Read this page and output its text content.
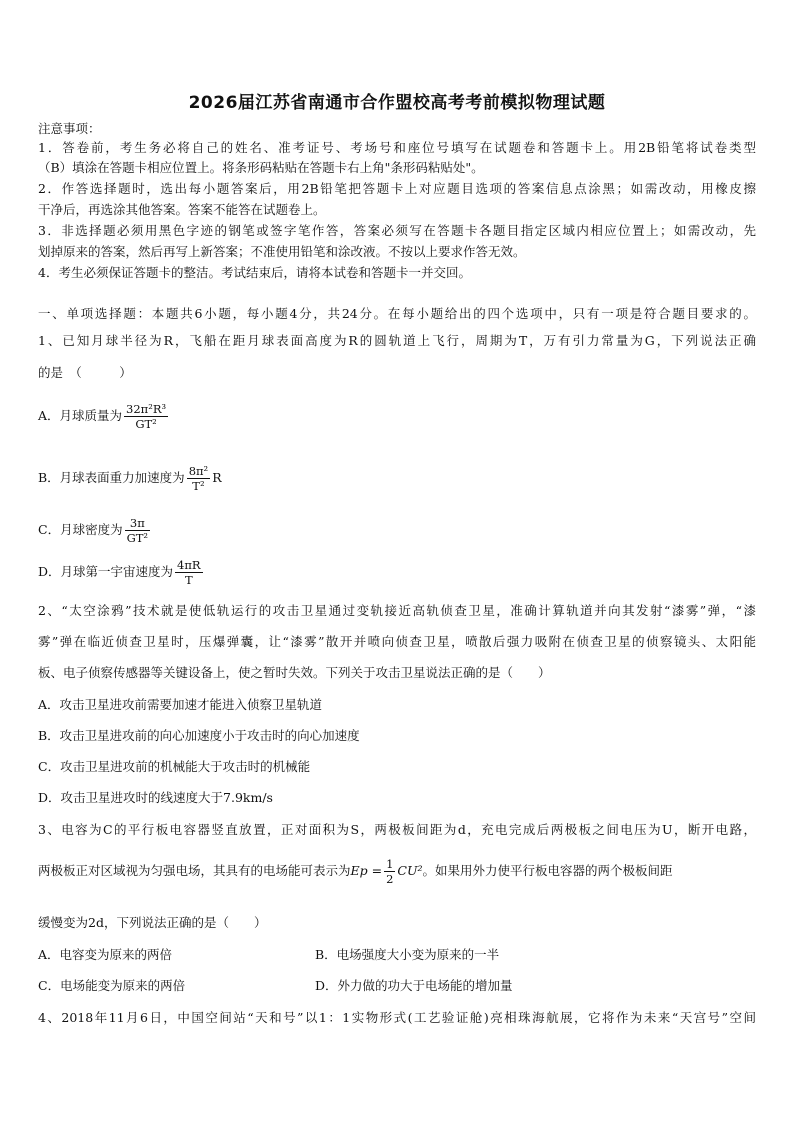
2026届江苏省南通市合作盟校高考考前模拟物理试题
注意事项：
1．答卷前，考生务必将自己的姓名、准考证号、考场号和座位号填写在试题卷和答题卡上。用2B铅笔将试卷类型
（B）填涂在答题卡相应位置上。将条形码粘贴在答题卡右上角"条形码粘贴处"。
2．作答选择题时，选出每小题答案后，用2B铅笔把答题卡上对应题目选项的答案信息点涂黑；如需改动，用橡皮擦
干净后，再选涂其他答案。答案不能答在试题卷上。
3．非选择题必须用黑色字迹的钢笔或签字笔作答，答案必须写在答题卡各题目指定区域内相应位置上；如需改动，先
划掉原来的答案，然后再写上新答案；不准使用铅笔和涂改液。不按以上要求作答无效。
4．考生必须保证答题卡的整洁。考试结束后，请将本试卷和答题卡一并交回。
一、单项选择题：本题共6小题，每小题4分，共24分。在每小题给出的四个选项中，只有一项是符合题目要求的。
1、已知月球半径为R，飞船在距月球表面高度为R的圆轨道上飞行，周期为T，万有引力常量为G，下列说法正确
的是　（　　　）
A．月球质量为 $\frac{\text{32π²R³}}{\text{GT²}}$
B．月球表面重力加速度为 $\frac{\text{8π²}}{\text{T²}}$ R
C．月球密度为 $\frac{3\pi}{\text{GT²}}$
D．月球第一宇宙速度为 $\frac{4\pi R}{T}$
2、“太空涂鸦”技术就是使低轨运行的攻击卫星通过变轨接近高轨侦查卫星，准确计算轨道并向其发射“漆雾”弹，“漆
雾”弹在临近侦查卫星时，压爆弹囊，让“漆雾”散开并喷向侦查卫星，喷散后强力吸附在侦查卫星的侦察镜头、太阳能
板、电子侦察传感器等关键设备上，使之暂时失效。下列关于攻击卫星说法正确的是（　　）
A．攻击卫星进攻前需要加速才能进入侦察卫星轨道
B．攻击卫星进攻前的向心加速度小于攻击时的向心加速度
C．攻击卫星进攻前的机械能大于攻击时的机械能
D．攻击卫星进攻时的线速度大于7.9km/s
3、电容为C的平行板电容器竖直放置，正对面积为S，两极板间距为d，充电完成后两极板之间电压为U，断开电路，
两极板正对区域视为匀强电场，其具有的电场能可表示为$Ep = \frac{1}{2} CU^2$。如果用外力使平行板电容器的两个极板间距
缓慢变为2d，下列说法正确的是（　　）
A．电容变为原来的两倍	B．电场强度大小变为原来的一半
C．电场能变为原来的两倍	D．外力做的功大于电场能的增加量
4、2018年11月6日，中国空间站“天和号”以1：1实物形式(工艺验证舱)亮相珠海航展，它将作为未来“天宫号”空间
